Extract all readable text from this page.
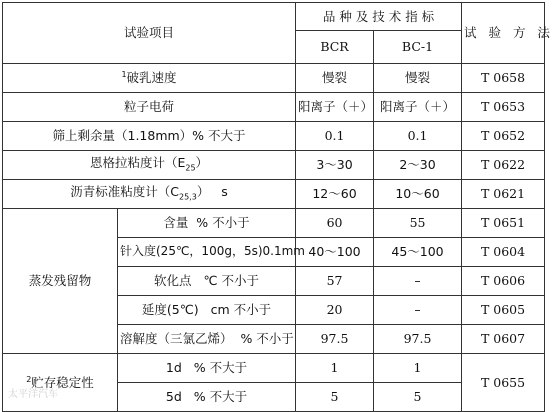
试验项目		品 种 及 技 术 指 标		试 验 方 法
		BCR	BC-1	
$^1$破乳速度		慢裂	慢裂	T 0658
粒子电荷		阳离子（＋）	阳离子（＋）	T 0653
筛上剩余量（1.18mm）% 不大于		0.1	0.1	T 0652
恩格拉粘度计$(E_{25})$		3～30	2～30	T 0622
沥青标准粘度计$(C_{25,3})$   s		12～60	10～60	T 0621
蒸发残留物	含量  % 不小于	60	55	T 0651
	针入度(25℃，100g，5s)0.1mm	40～100	45～100	T 0604
	软化点   ℃ 不小于	57	–	T 0606
	延度(5℃)   cm 不小于	20	–	T 0605
	溶解度（三氯乙烯）  % 不小于	97.5	97.5	T 0607
$^2$贮存稳定性	1d   % 不大于	1	1	T 0655
	5d   % 不大于	5	5	
太平洋汽车
